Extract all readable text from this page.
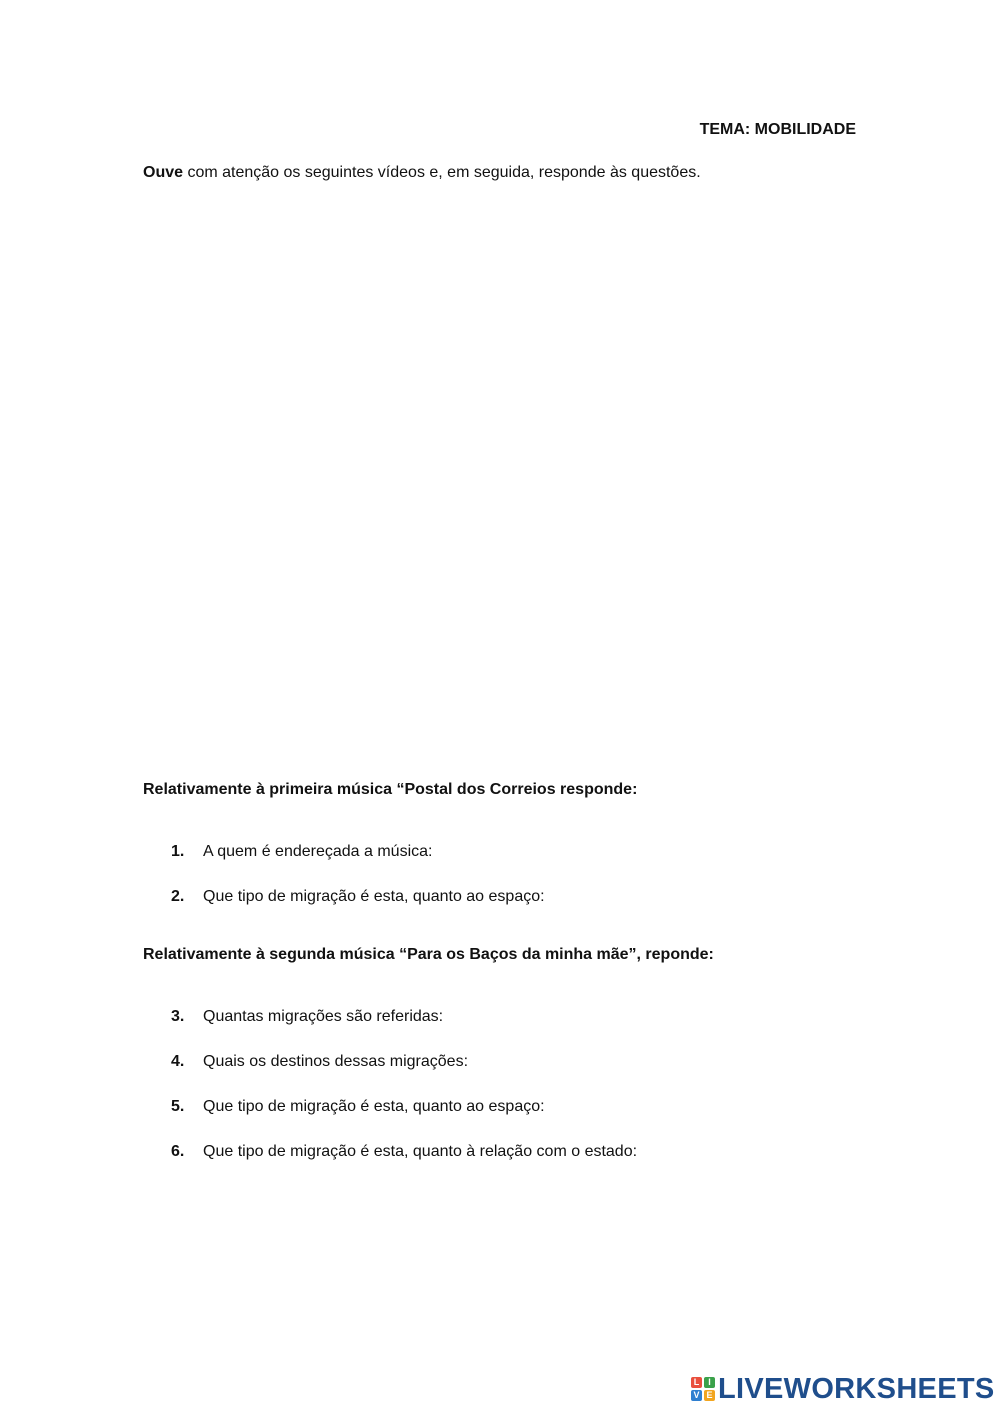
TEMA: MOBILIDADE
Ouve com atenção os seguintes vídeos e, em seguida, responde às questões.
Relativamente à primeira música “Postal dos Correios responde:
1. A quem é endereçada a música:
2. Que tipo de migração é esta, quanto ao espaço:
Relativamente à segunda música “Para os Baços da minha mãe”, reponde:
3. Quantas migrações são referidas:
4. Quais os destinos dessas migrações:
5. Que tipo de migração é esta, quanto ao espaço:
6. Que tipo de migração é esta, quanto à relação com o estado:
L I
V E LIVEWORKSHEETS
